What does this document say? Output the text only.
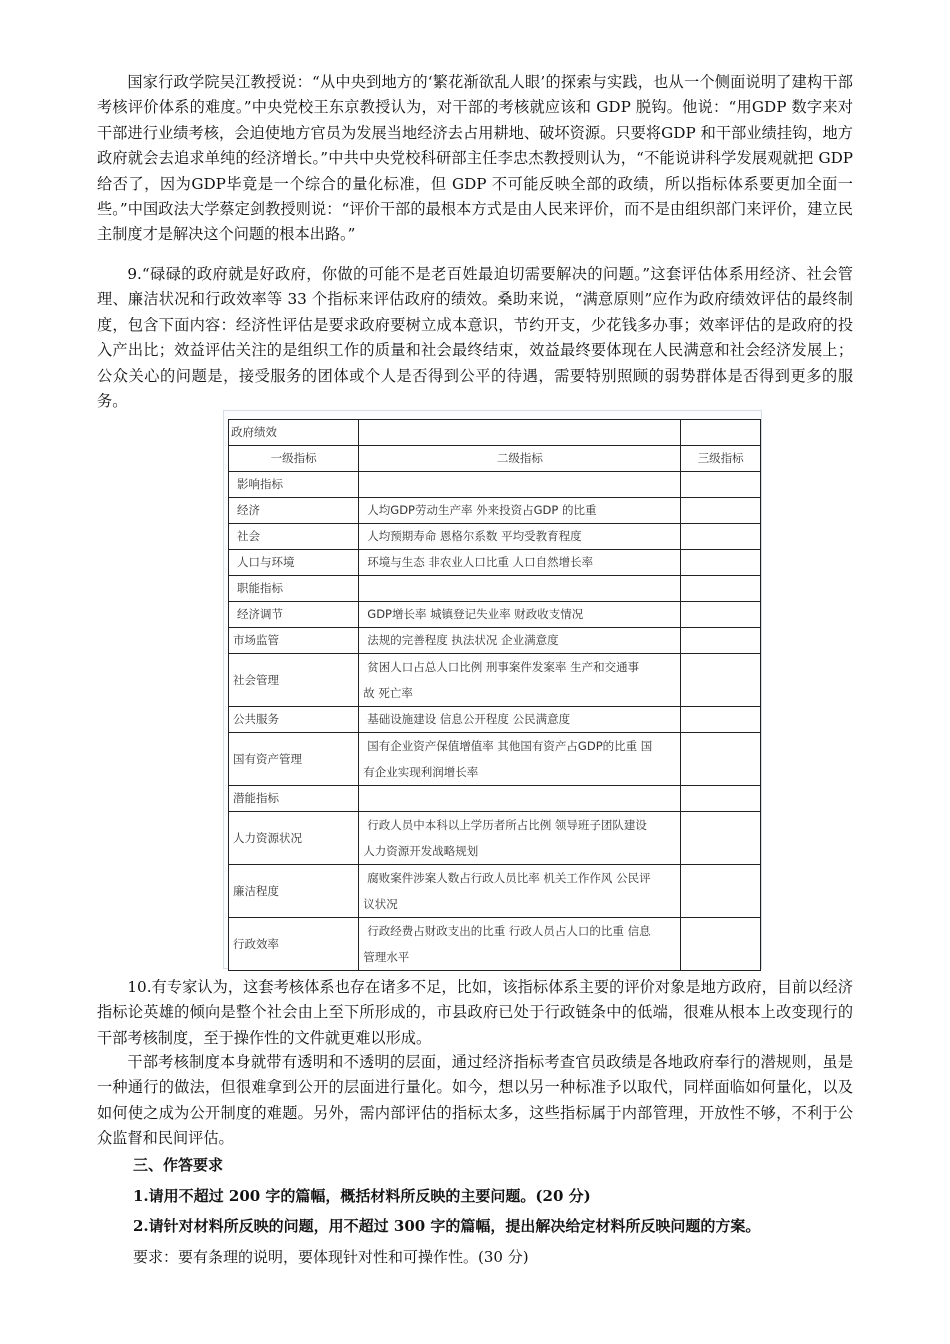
国家行政学院吴江教授说：“从中央到地方的‘繁花渐欲乱人眼’的探索与实践，也从一个侧面说明了建构干部考核评价体系的难度。”中央党校王东京教授认为，对干部的考核就应该和 GDP 脱钩。他说：“用GDP 数字来对干部进行业绩考核，会迫使地方官员为发展当地经济去占用耕地、破坏资源。只要将GDP 和干部业绩挂钩，地方政府就会去追求单纯的经济增长。”中共中央党校科研部主任李忠杰教授则认为，“不能说讲科学发展观就把 GDP 给否了，因为GDP毕竟是一个综合的量化标准，但 GDP 不可能反映全部的政绩，所以指标体系要更加全面一些。”中国政法大学蔡定剑教授则说：“评价干部的最根本方式是由人民来评价，而不是由组织部门来评价，建立民主制度才是解决这个问题的根本出路。”

9.“碌碌的政府就是好政府，你做的可能不是老百姓最迫切需要解决的问题。”这套评估体系用经济、社会管理、廉洁状况和行政效率等 33 个指标来评估政府的绩效。桑助来说，“满意原则”应作为政府绩效评估的最终制度，包含下面内容：经济性评估是要求政府要树立成本意识，节约开支，少花钱多办事；效率评估的是政府的投入产出比；效益评估关注的是组织工作的质量和社会最终结束，效益最终要体现在人民满意和社会经济发展上；公众关心的问题是，接受服务的团体或个人是否得到公平的待遇，需要特别照顾的弱势群体是否得到更多的服务。

政府绩效		
一级指标	二级指标	三级指标
影响指标		
经济	人均GDP劳动生产率 外来投资占GDP 的比重	
社会	人均预期寿命 恩格尔系数 平均受教育程度	
人口与环境	环境与生态 非农业人口比重 人口自然增长率	
职能指标		
经济调节	GDP增长率 城镇登记失业率 财政收支情况	
市场监管	法规的完善程度 执法状况 企业满意度	
社会管理	贫困人口占总人口比例 刑事案件发案率 生产和交通事
故 死亡率	

公共服务	基础设施建设 信息公开程度 公民满意度	
国有资产管理	国有企业资产保值增值率 其他国有资产占GDP的比重 国
有企业实现利润增长率	

潜能指标		
人力资源状况	行政人员中本科以上学历者所占比例 领导班子团队建设
人力资源开发战略规划	

廉洁程度	腐败案件涉案人数占行政人员比率 机关工作作风 公民评
议状况	

行政效率	行政经费占财政支出的比重 行政人员占人口的比重 信息
管理水平	

10.有专家认为，这套考核体系也存在诸多不足，比如，该指标体系主要的评价对象是地方政府，目前以经济指标论英雄的倾向是整个社会由上至下所形成的，市县政府已处于行政链条中的低端，很难从根本上改变现行的干部考核制度，至于操作性的文件就更难以形成。

干部考核制度本身就带有透明和不透明的层面，通过经济指标考查官员政绩是各地政府奉行的潜规则，虽是一种通行的做法，但很难拿到公开的层面进行量化。如今，想以另一种标准予以取代，同样面临如何量化，以及如何使之成为公开制度的难题。另外，需内部评估的指标太多，这些指标属于内部管理，开放性不够，不利于公众监督和民间评估。

三、作答要求

1.请用不超过 200 字的篇幅，概括材料所反映的主要问题。(20 分)

2.请针对材料所反映的问题，用不超过 300 字的篇幅，提出解决给定材料所反映问题的方案。

要求：要有条理的说明，要体现针对性和可操作性。(30 分)
